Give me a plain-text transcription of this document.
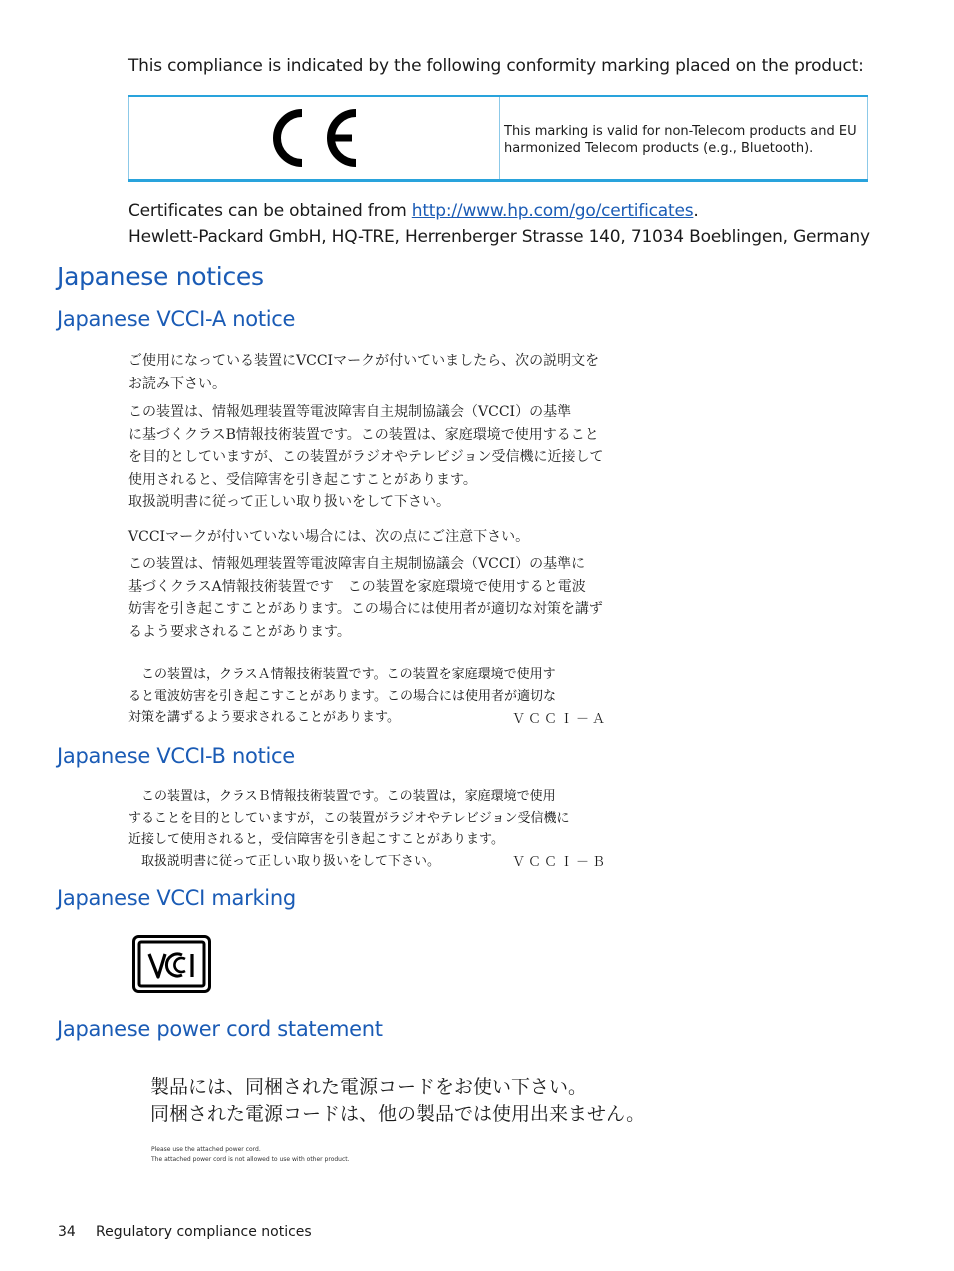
This compliance is indicated by the following conformity marking placed on the product:
This marking is valid for non-Telecom products and EU harmonized Telecom products (e.g., Bluetooth).
Certificates can be obtained from http://www.hp.com/go/certificates.
Hewlett-Packard GmbH, HQ-TRE, Herrenberger Strasse 140, 71034 Boeblingen, Germany
Japanese notices
Japanese VCCI-A notice

ご使用になっている装置にVCCIマークが付いていましたら、次の説明文を

お読み下さい。

この装置は、情報処理装置等電波障害自主規制協議会（VCCI）の基準

に基づくクラスB情報技術装置です。この装置は、家庭環境で使用すること

を目的としていますが、この装置がラジオやテレビジョン受信機に近接して

使用されると、受信障害を引き起こすことがあります。

取扱説明書に従って正しい取り扱いをして下さい。

VCCIマークが付いていない場合には、次の点にご注意下さい。

この装置は、情報処理装置等電波障害自主規制協議会（VCCI）の基準に

基づくクラスA情報技術装置です　この装置を家庭環境で使用すると電波

妨害を引き起こすことがあります。この場合には使用者が適切な対策を講ず

るよう要求されることがあります。

　この装置は，クラスＡ情報技術装置です。この装置を家庭環境で使用す

ると電波妨害を引き起こすことがあります。この場合には使用者が適切な

対策を講ずるよう要求されることがあります。	ＶＣＣＩ－Ａ
Japanese VCCI-B notice

　この装置は，クラスＢ情報技術装置です。この装置は，家庭環境で使用

することを目的としていますが，この装置がラジオやテレビジョン受信機に

近接して使用されると，受信障害を引き起こすことがあります。

　取扱説明書に従って正しい取り扱いをして下さい。	ＶＣＣＩ－Ｂ
Japanese VCCI marking
Japanese power cord statement

製品には、同梱された電源コードをお使い下さい。

同梱された電源コードは、他の製品では使用出来ません。

Please use the attached power cord.

The attached power cord is not allowed to use with other product.

34 Regulatory compliance notices
